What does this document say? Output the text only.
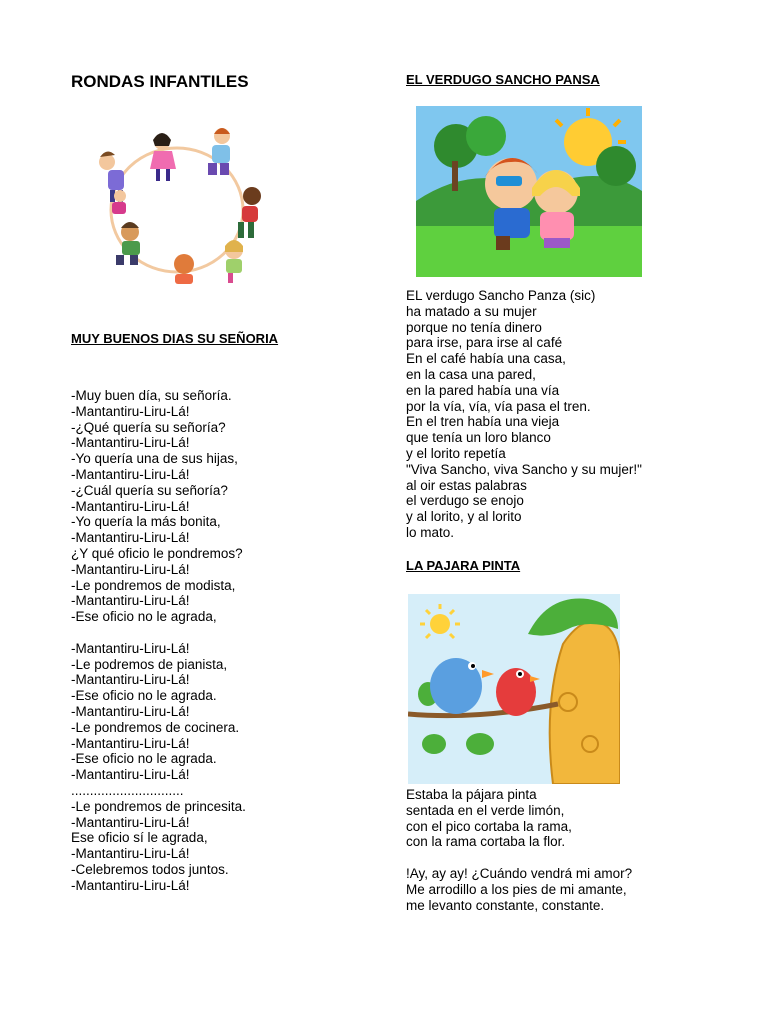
RONDAS INFANTILES
MUY BUENOS DIAS SU SEÑORIA
-Muy buen día, su señoría.
-Mantantiru-Liru-Lá!
-¿Qué quería su señoría?
-Mantantiru-Liru-Lá!
-Yo quería una de sus hijas,
-Mantantiru-Liru-Lá!
-¿Cuál quería su señoría?
-Mantantiru-Liru-Lá!
-Yo quería la más bonita,
-Mantantiru-Liru-Lá!
¿Y qué oficio le pondremos?
-Mantantiru-Liru-Lá!
-Le pondremos de modista,
-Mantantiru-Liru-Lá!
-Ese oficio no le agrada,
-Mantantiru-Liru-Lá!
-Le podremos de pianista,
-Mantantiru-Liru-Lá!
-Ese oficio no le agrada.
-Mantantiru-Liru-Lá!
-Le pondremos de cocinera.
-Mantantiru-Liru-Lá!
-Ese oficio no le agrada.
-Mantantiru-Liru-Lá!
..............................
-Le pondremos de princesita.
-Mantantiru-Liru-Lá!
Ese oficio sí le agrada,
-Mantantiru-Liru-Lá!
-Celebremos todos juntos.
-Mantantiru-Liru-Lá!
EL VERDUGO SANCHO PANSA
EL verdugo Sancho Panza (sic)
ha matado a su mujer
porque no tenía dinero
para irse, para irse al café
En el café había una casa,
en la casa una pared,
en la pared había una vía
por la vía, vía, vía pasa el tren.
En el tren había una vieja
que tenía un loro blanco
y el lorito repetía
"Viva Sancho, viva Sancho y su mujer!"
al oir estas palabras
el verdugo se enojo
y al lorito, y al lorito
lo mato.
LA PAJARA PINTA
Estaba la pájara pinta
sentada en el verde limón,
con el pico cortaba la rama,
con la rama cortaba la flor.
!Ay, ay ay! ¿Cuándo vendrá mi amor?
Me arrodillo a los pies de mi amante,
me levanto constante, constante.
